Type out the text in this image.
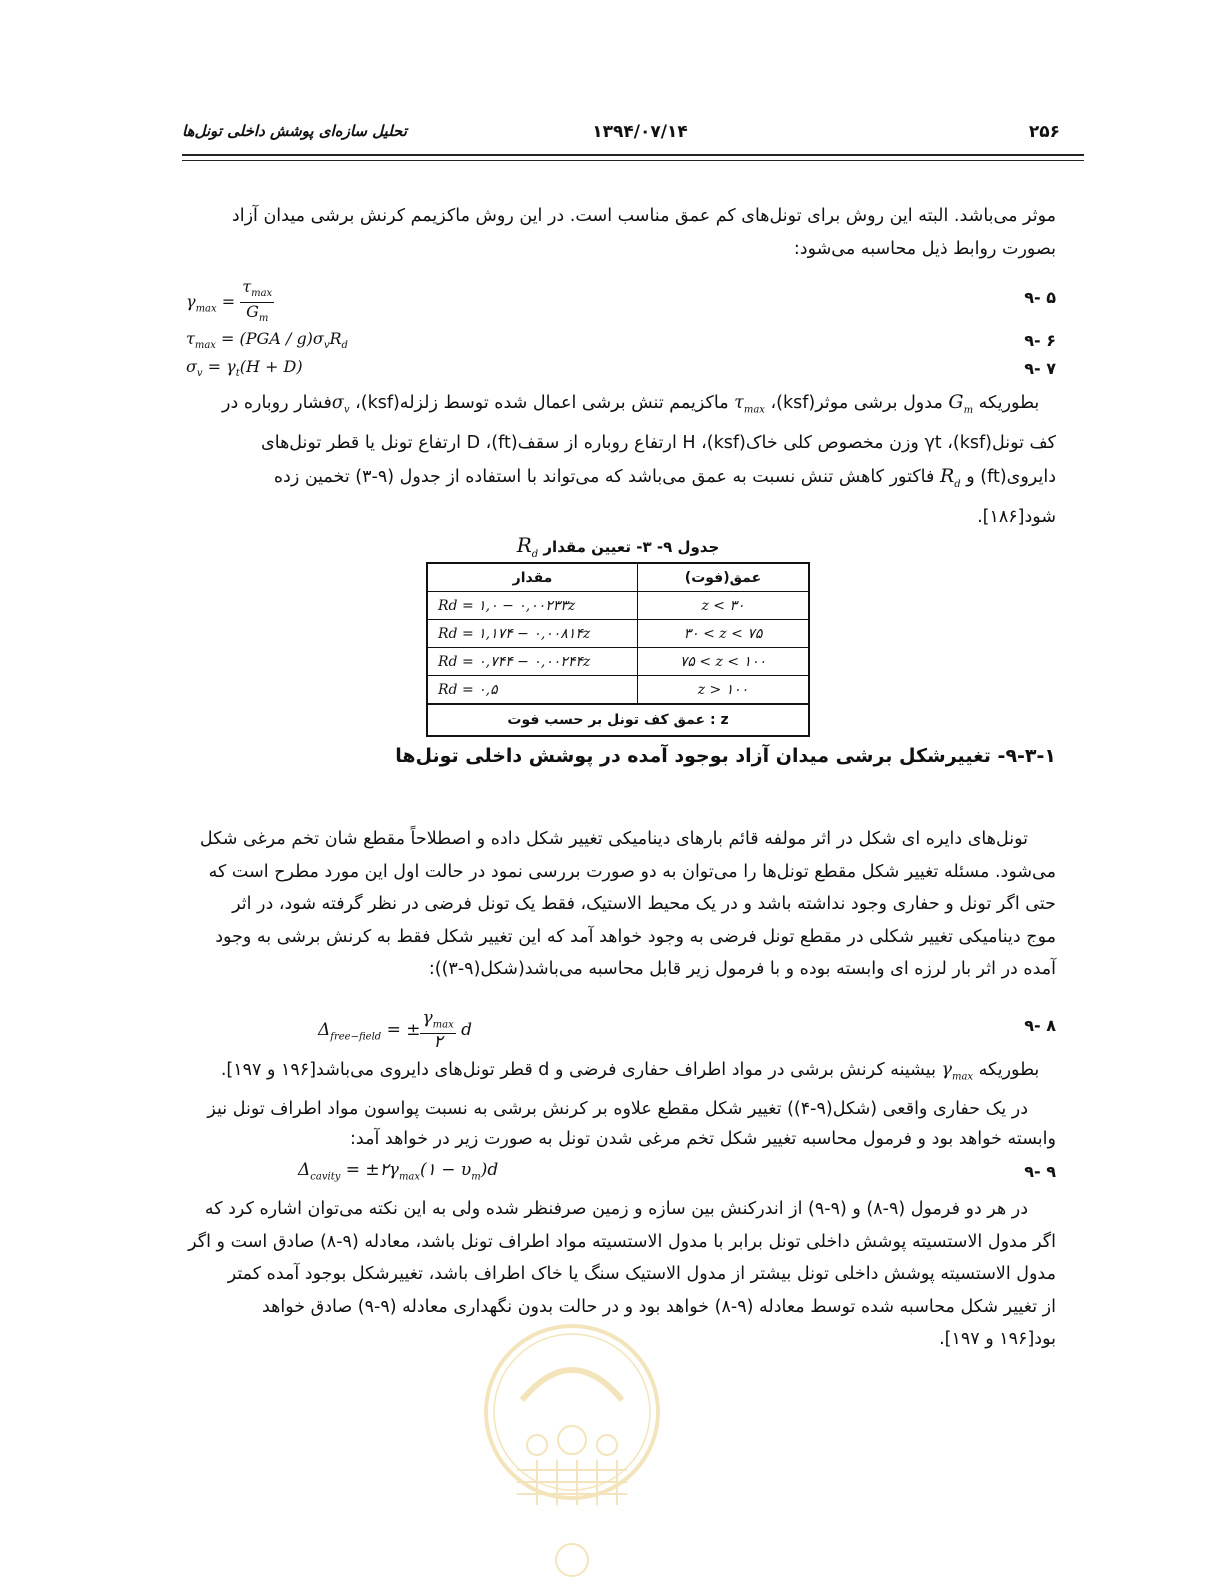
۲۵۶
۱۳۹۴/۰۷/۱۴
تحلیل سازه‌ای پوشش داخلی تونل‌ها
موثر می‌باشد. البته این روش برای تونل‌های کم عمق مناسب است. در این روش ماکزیمم کرنش برشی میدان آزاد
بصورت روابط ذیل محاسبه می‌شود:
$\gamma_{max} = \frac{\tau_{max}}{G_m}$	۹- ۵
$\tau_{max} = (PGA / g)\sigma_vR_d$	۹- ۶
$\sigma_v = \gamma_t(H + D)$	۹- ۷
بطوریکه $G_m$ مدول برشی موثر(ksf)، $\tau_{max}$ ماکزیمم تنش برشی اعمال شده توسط زلزله(ksf)، $\sigma_vفشار$ روباره در
کف تونل(ksf)، γt وزن مخصوص کلی خاک(ksf)، H ارتفاع روباره از سقف(ft)، D ارتفاع تونل یا قطر تونل‌های
دایروی(ft) و $R_d$ فاکتور کاهش تنش نسبت به عمق می‌باشد که می‌تواند با استفاده از جدول (۹-۳) تخمین زده
شود[۱۸۶].
جدول ۹- ۳- تعیین مقدار $R_d$
عمق(فوت)	مقدار
z < ۳۰	Rd = ۱,۰ − ۰,۰۰۲۳۳z
۳۰ < z < ۷۵	Rd = ۱,۱۷۴ − ۰,۰۰۸۱۴z
۷۵ < z < ۱۰۰	Rd = ۰,۷۴۴ − ۰,۰۰۲۴۴z
z > ۱۰۰	Rd = ۰,۵
z : عمق کف تونل بر حسب فوت	
۹-۳-۱- تغییرشکل برشی میدان آزاد بوجود آمده در پوشش داخلی تونل‌ها
تونل‌های دایره ای شکل در اثر مولفه قائم بارهای دینامیکی تغییر شکل داده و اصطلاحاً مقطع شان تخم مرغی شکل
می‌شود. مسئله تغییر شکل مقطع تونل‌ها را می‌توان به دو صورت بررسی نمود در حالت اول این مورد مطرح است که
حتی اگر تونل و حفاری وجود نداشته باشد و در یک محیط الاستیک، فقط یک تونل فرضی در نظر گرفته شود، در اثر
موج دینامیکی تغییر شکلی در مقطع تونل فرضی به وجود خواهد آمد که این تغییر شکل فقط به کرنش برشی به وجود
آمده در اثر بار لرزه ای وابسته بوده و با فرمول زیر قابل محاسبه می‌باشد(شکل(۹-۳)):
$\Delta_{free-field}$ = ± $\frac{\gamma_{max}}{۲}$ d	۹- ۸
بطوریکه $\gamma_{max}$ بیشینه کرنش برشی در مواد اطراف حفاری فرضی و d قطر تونل‌های دایروی می‌باشد[۱۹۶ و ۱۹۷].
در یک حفاری واقعی (شکل(۹-۴)) تغییر شکل مقطع علاوه بر کرنش برشی به نسبت پواسون مواد اطراف تونل نیز
وابسته خواهد بود و فرمول محاسبه تغییر شکل تخم مرغی شدن تونل به صورت زیر در خواهد آمد:
$\Delta_{cavity}$ = $\pm ۲\gamma_{max}(۱ - \upsilon_m)d$	۹- ۹
در هر دو فرمول (۹-۸) و (۹-۹) از اندرکنش بین سازه و زمین صرفنظر شده ولی به این نکته می‌توان اشاره کرد که
اگر مدول الاستسیته پوشش داخلی تونل برابر با مدول الاستسیته مواد اطراف تونل باشد، معادله (۹-۸) صادق است و اگر
مدول الاستسیته پوشش داخلی تونل بیشتر از مدول الاستیک سنگ یا خاک اطراف باشد، تغییرشکل بوجود آمده کمتر
از تغییر شکل محاسبه شده توسط معادله (۹-۸) خواهد بود و در حالت بدون نگهداری معادله (۹-۹) صادق خواهد
بود[۱۹۶ و ۱۹۷].
